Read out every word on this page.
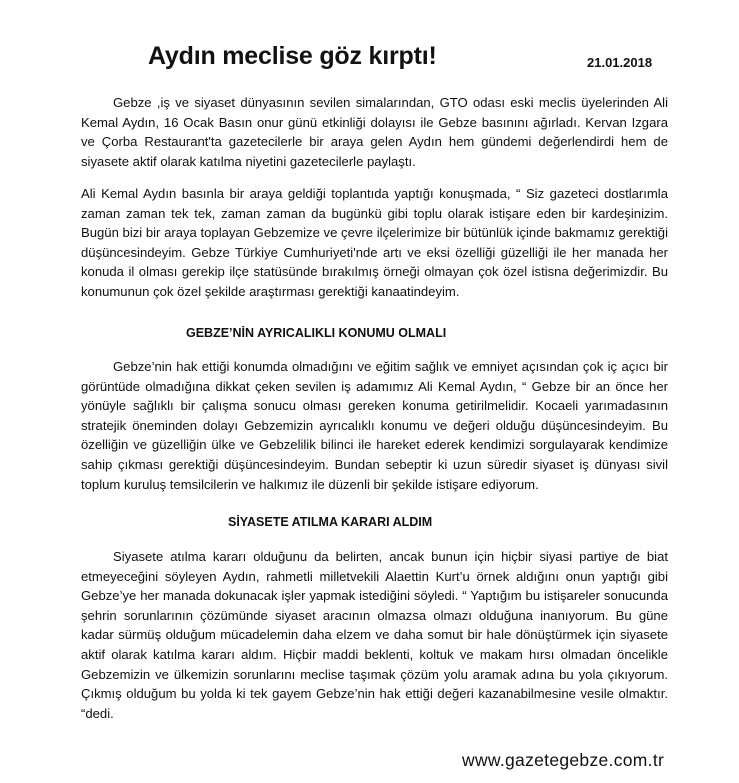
Aydın meclise göz kırptı!	21.01.2018

Gebze ,iş ve siyaset dünyasının sevilen simalarından, GTO odası eski meclis üyelerinden Ali Kemal Aydın, 16 Ocak Basın onur günü etkinliği dolayısı ile Gebze basınını ağırladı. Kervan Izgara ve Çorba Restaurant'ta gazetecilerle bir araya gelen Aydın hem gündemi değerlendirdi hem de siyasete aktif olarak katılma niyetini gazetecilerle paylaştı.

Ali Kemal Aydın basınla bir araya geldiği toplantıda yaptığı konuşmada, “ Siz gazeteci dostlarımla zaman zaman tek tek, zaman zaman da bugünkü gibi toplu olarak istişare eden bir kardeşinizim. Bugün bizi bir araya toplayan Gebzemize ve çevre ilçelerimize bir bütünlük içinde bakmamız gerektiği düşüncesindeyim. Gebze Türkiye Cumhuriyeti'nde artı ve eksi özelliği güzelliği ile her manada her konuda il olması gerekip ilçe statüsünde bırakılmış örneği olmayan çok özel istisna değerimizdir. Bu konumunun çok özel şekilde araştırması gerektiği kanaatindeyim.

GEBZE’NİN AYRICALIKLI KONUMU OLMALI

Gebze’nin hak ettiği konumda olmadığını ve eğitim sağlık ve emniyet açısından çok iç açıcı bir görüntüde olmadığına dikkat çeken sevilen iş adamımız Ali Kemal Aydın, “ Gebze bir an önce her yönüyle sağlıklı bir çalışma sonucu olması gereken konuma getirilmelidir. Kocaeli yarımadasının stratejik öneminden dolayı Gebzemizin ayrıcalıklı konumu ve değeri olduğu düşüncesindeyim. Bu özelliğin ve güzelliğin ülke ve Gebzelilik bilinci ile hareket ederek kendimizi sorgulayarak kendimize sahip çıkması gerektiği düşüncesindeyim. Bundan sebeptir ki uzun süredir siyaset iş dünyası sivil toplum kuruluş temsilcilerin ve halkımız ile düzenli bir şekilde istişare ediyorum.

SİYASETE ATILMA KARARI ALDIM

Siyasete atılma kararı olduğunu da belirten, ancak bunun için hiçbir siyasi partiye de biat etmeyeceğini söyleyen Aydın, rahmetli milletvekili Alaettin Kurt’u örnek aldığını onun yaptığı gibi Gebze’ye her manada dokunacak işler yapmak istediğini söyledi. “ Yaptığım bu istişareler sonucunda şehrin sorunlarının çözümünde siyaset aracının olmazsa olmazı olduğuna inanıyorum. Bu güne kadar sürmüş olduğum mücadelemin daha elzem ve daha somut bir hale dönüştürmek için siyasete aktif olarak katılma kararı aldım. Hiçbir maddi beklenti, koltuk ve makam hırsı olmadan öncelikle Gebzemizin ve ülkemizin sorunlarını meclise taşımak çözüm yolu aramak adına bu yola çıkıyorum. Çıkmış olduğum bu yolda ki tek gayem Gebze’nin hak ettiği değeri kazanabilmesine vesile olmaktır. “dedi.

www.gazetegebze.com.tr
